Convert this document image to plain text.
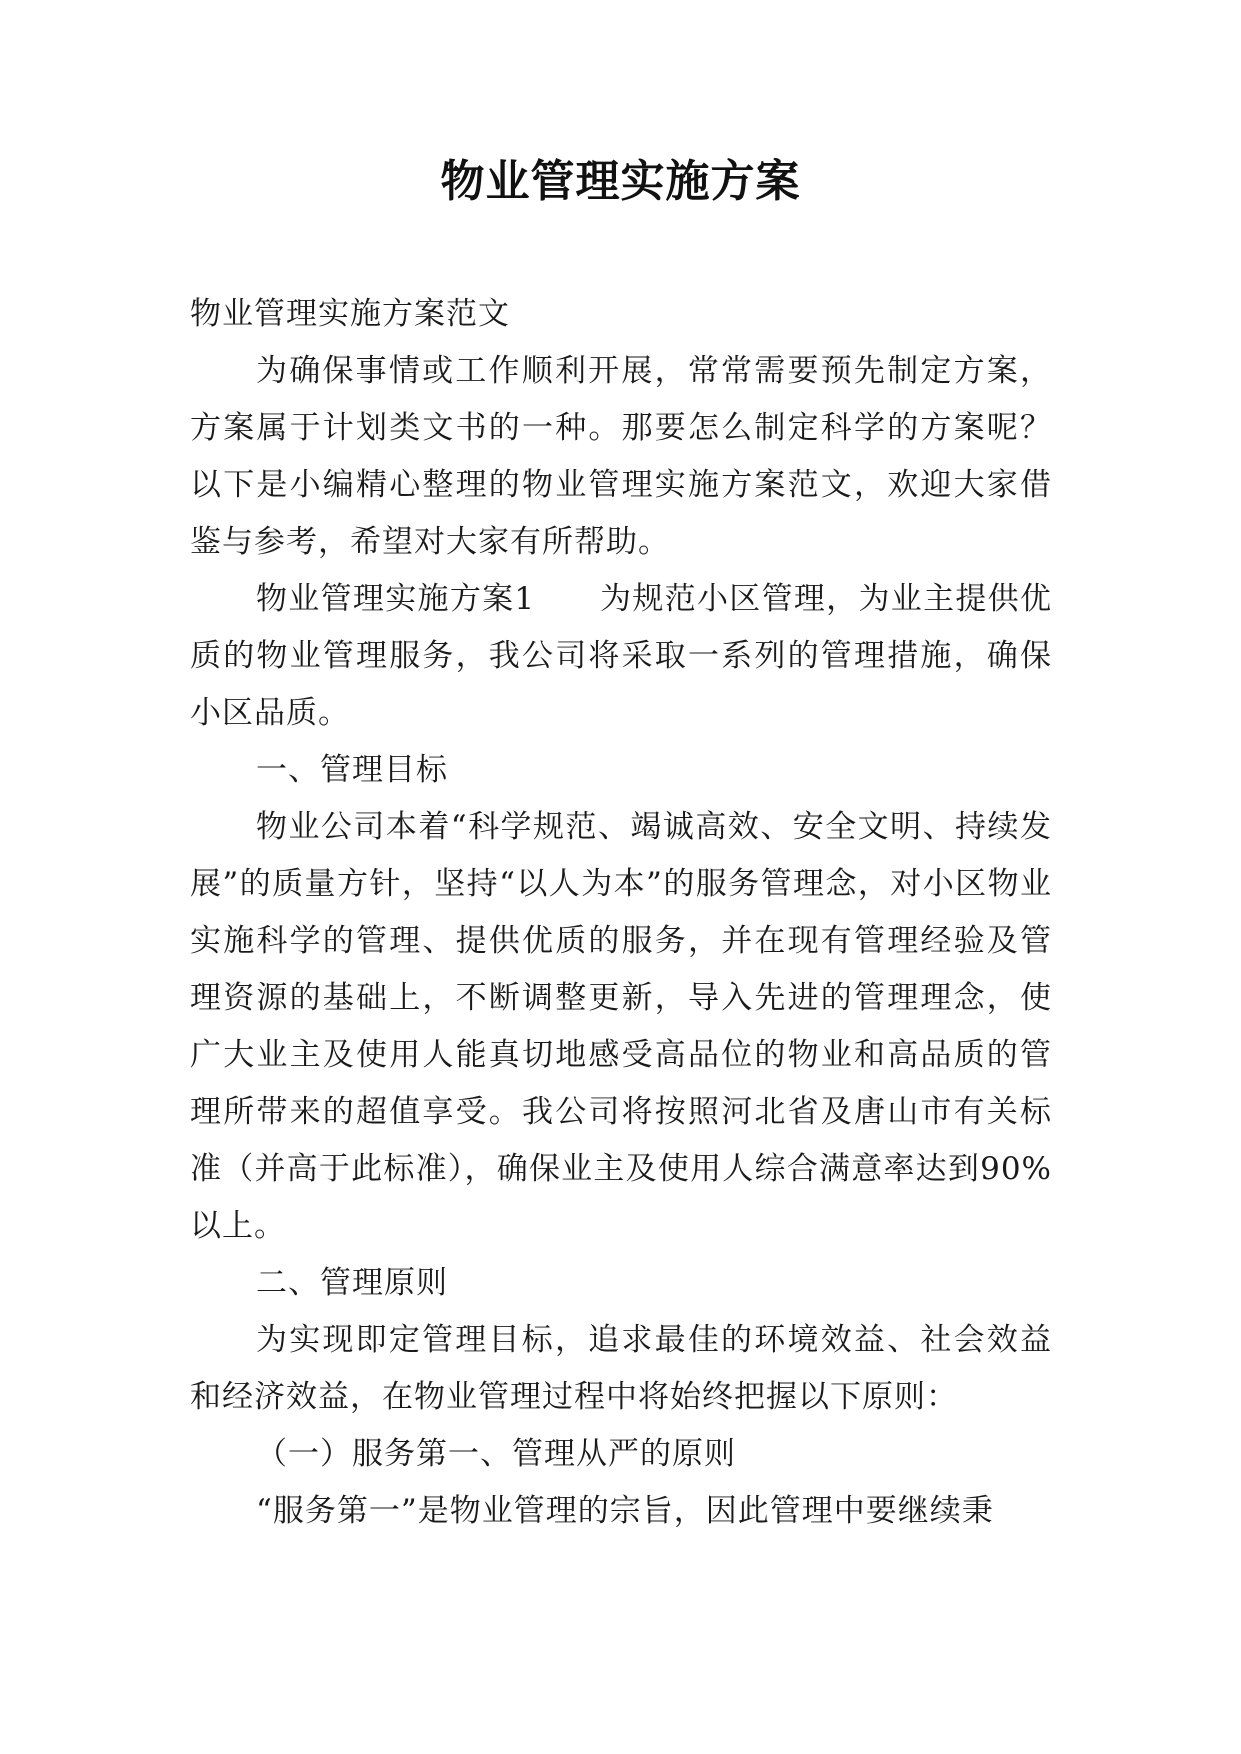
物业管理实施方案

物业管理实施方案范文

为确保事情或工作顺利开展，常常需要预先制定方案，方案属于计划类文书的一种。那要怎么制定科学的方案呢？以下是小编精心整理的物业管理实施方案范文，欢迎大家借鉴与参考，希望对大家有所帮助。

物业管理实施方案1　　为规范小区管理，为业主提供优质的物业管理服务，我公司将采取一系列的管理措施，确保小区品质。

一、管理目标

物业公司本着“科学规范、竭诚高效、安全文明、持续发展”的质量方针，坚持“以人为本”的服务管理念，对小区物业实施科学的管理、提供优质的服务，并在现有管理经验及管理资源的基础上，不断调整更新，导入先进的管理理念，使广大业主及使用人能真切地感受高品位的物业和高品质的管理所带来的超值享受。我公司将按照河北省及唐山市有关标准（并高于此标准），确保业主及使用人综合满意率达到90%以上。

二、管理原则

为实现即定管理目标，追求最佳的环境效益、社会效益和经济效益，在物业管理过程中将始终把握以下原则：

（一）服务第一、管理从严的原则

“服务第一”是物业管理的宗旨，因此管理中要继续秉
